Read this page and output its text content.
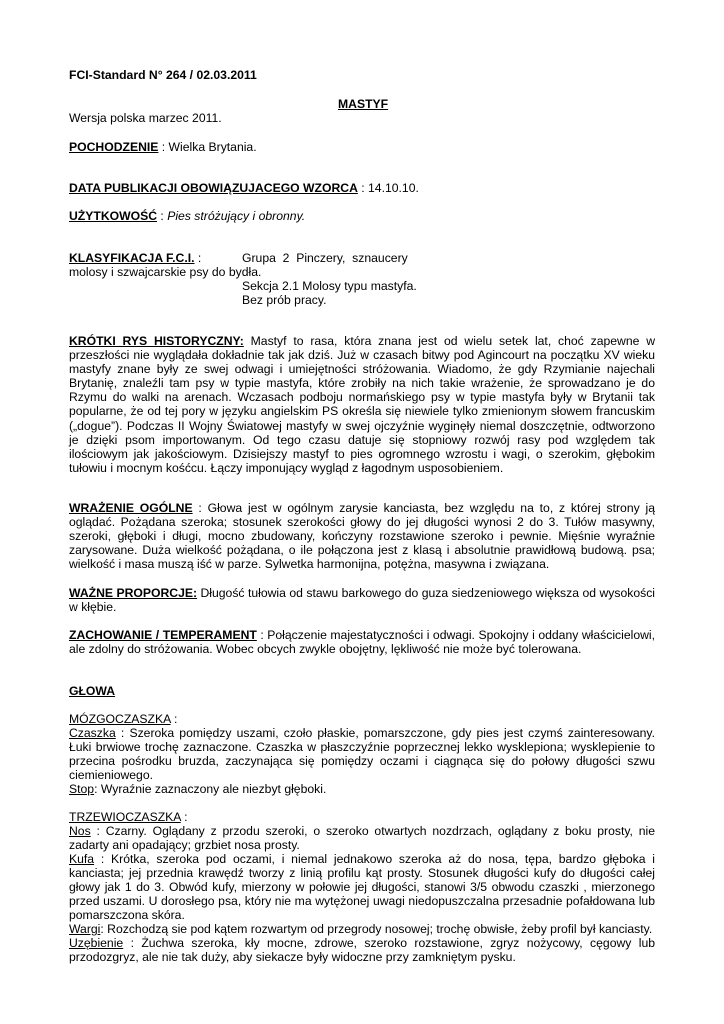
FCI-Standard N° 264 / 02.03.2011
MASTYF
Wersja polska marzec 2011.
POCHODZENIE : Wielka Brytania.
DATA PUBLIKACJI OBOWIĄZUJACEGO WZORCA : 14.10.10.
UŻYTKOWOŚĆ : Pies stróżujący i obronny.
KLASYFIKACJA F.C.I. :	Grupa  2  Pinczery,  sznaucery
molosy i szwajcarskie psy do bydła.
Sekcja 2.1 Molosy typu mastyfa.
Bez prób pracy.
KRÓTKI RYS HISTORYCZNY: Mastyf to rasa, która znana jest od wielu setek lat, choć zapewne w przeszłości nie wyglądała dokładnie tak jak dziś. Już w czasach bitwy pod Agincourt na początku XV wieku mastyfy znane były ze swej odwagi i umiejętności stróżowania. Wiadomo, że gdy Rzymianie najechali Brytanię, znaleźli tam psy w typie mastyfa, które zrobiły na nich takie wrażenie, że sprowadzano je do Rzymu do walki na arenach. Wczasach podboju normańskiego psy w typie mastyfa były w Brytanii tak popularne, że od tej pory w języku angielskim PS określa się niewiele tylko zmienionym słowem francuskim („dogue”). Podczas II Wojny Światowej mastyfy w swej ojczyźnie wyginęły niemal doszczętnie, odtworzono je dzięki psom importowanym. Od tego czasu datuje się stopniowy rozwój rasy pod względem tak ilościowym jak jakościowym. Dzisiejszy mastyf to pies ogromnego wzrostu i wagi, o szerokim, głębokim tułowiu i mocnym kośćcu. Łączy imponujący wygląd z łagodnym usposobieniem.
WRAŻENIE OGÓLNE : Głowa jest w ogólnym zarysie kanciasta, bez względu na to, z której strony ją oglądać. Pożądana szeroka; stosunek szerokości głowy do jej długości wynosi 2 do 3. Tułów masywny, szeroki, głęboki i długi, mocno zbudowany, kończyny rozstawione szeroko i pewnie. Mięśnie wyraźnie zarysowane. Duża wielkość pożądana, o ile połączona jest z klasą i absolutnie prawidłową budową. psa; wielkość i masa muszą iść w parze. Sylwetka harmonijna, potężna, masywna i związana.
WAŻNE PROPORCJE: Długość tułowia od stawu barkowego do guza siedzeniowego większa od wysokości w kłębie.
ZACHOWANIE / TEMPERAMENT : Połączenie majestatyczności i odwagi. Spokojny i oddany właścicielowi, ale zdolny do stróżowania. Wobec obcych zwykle obojętny, lękliwość nie może być tolerowana.
GŁOWA
MÓZGOCZASZKA :
Czaszka : Szeroka pomiędzy uszami, czoło płaskie, pomarszczone, gdy pies jest czymś zainteresowany. Łuki brwiowe trochę zaznaczone. Czaszka w płaszczyźnie poprzecznej lekko wysklepiona; wysklepienie to przecina pośrodku bruzda, zaczynająca się pomiędzy oczami i ciągnąca się do połowy długości szwu ciemieniowego.
Stop: Wyraźnie zaznaczony ale niezbyt głęboki.
TRZEWIOCZASZKA :
Nos : Czarny. Oglądany z przodu szeroki, o szeroko otwartych nozdrzach, oglądany z boku prosty, nie zadarty ani opadający; grzbiet nosa prosty.
Kufa : Krótka, szeroka pod oczami, i niemal jednakowo szeroka aż do nosa, tępa, bardzo głęboka i kanciasta; jej przednia krawędź tworzy z linią profilu kąt prosty. Stosunek długości kufy do długości całej głowy jak 1 do 3. Obwód kufy, mierzony w połowie jej długości, stanowi 3/5 obwodu czaszki , mierzonego przed uszami. U dorosłego psa, który nie ma wytężonej uwagi niedopuszczalna przesadnie pofałdowana lub pomarszczona skóra.
Wargi: Rozchodzą sie pod kątem rozwartym od przegrody nosowej; trochę obwisłe, żeby profil był kanciasty.
Uzębienie : Żuchwa szeroka, kły mocne, zdrowe, szeroko rozstawione, zgryz nożycowy, cęgowy lub przodozgryz, ale nie tak duży, aby siekacze były widoczne przy zamkniętym pysku.
